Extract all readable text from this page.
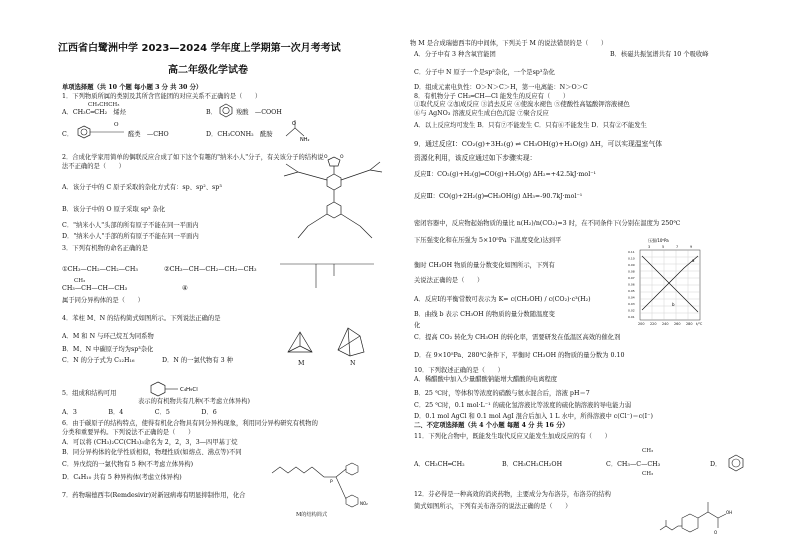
江西省白鹭洲中学 2023—2024 学年度上学期第一次月考考试
高二年级化学试卷
单项选择题（共 10 个题 每小题 3 分 共 30 分）
1．下列物质所属的类别及其所含官能团的对应关系不正确的是（　　）
CH₃CHCH₃
A．CH₃C═CH₂　烯烃	B．	羧酸　—COOH
O
C．	醛类　—CHO	D．CH₃CONH₂　酰胺
O
NH₂
2．合成化学家用简单的偶联反应合成了如下这个有趣的"纳米小人"分子，有关该分子的结构说
法不正确的是（　　）
A．该分子中的 C 原子采取的杂化方式有：sp、sp²、sp³
B．该分子中的 O 原子采取 sp³ 杂化
C．"纳米小人"头部的所有原子不能在同一平面内
D．"纳米小人"手部的所有原子不能在同一平面内
O	O
3．下列有机物的命名正确的是
①CH₃—CH₂—CH₂—CH₃	②CH₃—CH—CH₂—CH₂—CH₃
CH₃
CH₃—CH—CH—CH₃	④
属于同分异构体的是（　　）
4．苯柱 M、N 的结构简式如图所示。下列说法正确的是
M	N
A．M 和 N 与环己烷互为同系物
B．M、N 中碳原子均为sp³杂化
C．N 的分子式为 C₁₂H₁₆	D．N 的一氯代物有 3 种
5．组成和结构可用	C₄H₉Cl
表示的有机物共有几种(不考虑立体异构)
A．3　　　　　B．4　　　　　C．5　　　　　D．6
6．由于碳原子的结构特点，使得有机化合物具有同分异构现象，利用同分异构研究有机物的
分类和重要异构。下列说法不正确的是（　　）
A．可以将 (CH₃)₂CC(CH₃)₃命名为 2，2，3，3—四甲基丁烷
B．同分异构体的化学性质相似，物理性质(如熔点、沸点等)不同
C．异戊烷的一氯代物有 5 种(不考虑立体异构)
D．C₄H₁₀ 共有 5 种异构体(考虑立体异构)
7．药物瑞德西韦(Remdesivir)对新冠病毒有明显抑制作用，化合
P
NO₂
M的结构简式
物 M 是合成瑞德西韦的中间体，下列关于 M 的说法错误的是（　　）
A．分子中有 3 种含氧官能团	B．核磁共振氢谱共有 10 个吸收峰
C．分子中 N 原子一个是sp²杂化，一个是sp³杂化
D．组成元素电负性：O＞N＞C＞H，第一电离能：N＞O＞C
8．有机物分子 CH₂═CH—Cl 能发生的反应有（　　）
①取代反应 ②加成反应 ③消去反应 ④使溴水褪色 ⑤使酸性高锰酸钾溶液褪色
⑥与 AgNO₃ 溶液反应生成白色沉淀 ⑦聚合反应
A．以上反应均可发生 B．只有⑦不能发生 C．只有⑥不能发生 D．只有②不能发生
9．通过反应Ⅰ：CO₂(g)+3H₂(g) ⇌ CH₃OH(g)+H₂O(g) ΔH，可以实现温室气体
资源化利用，该反应通过如下步骤实现：
反应Ⅱ：CO₂(g)+H₂(g)═CO(g)+H₂O(g) ΔH₂=+42.5kJ·mol⁻¹
反应Ⅲ：CO(g)+2H₂(g)═CH₃OH(g) ΔH₃=-90.7kJ·mol⁻¹
密闭容器中，反应物起始物质的量比 n(H₂)/n(CO₂)=3 时，在不同条件下(分别在温度为 250℃
下压强变化和在压强为 5×10⁵Pa 下温度变化)达到平
衡时 CH₃OH 物质的量分数变化如图所示，下列有
关说法正确的是（　　）
A．反应Ⅰ的平衡常数可表示为 K= c(CH₃OH) / c(CO₂)·c³(H₂)
B．曲线 b 表示 CH₃OH 的物质的量分数随温度变
化
C．提高 CO₂ 转化为 CH₃OH 的转化率，需要研发在低温区高效的催化剂
D．在 9×10⁵Pa、280℃条件下，平衡时 CH₃OH 的物质的量分数为 0.10
压强/10⁵Pa
3	5	7	9
0.11
0.10
0.09
0.08
0.07
0.06
0.05
0.04
0.03
0.02
0.01
a
b
200 220 240 260 280 t/℃
10．下列叙述正确的是（　　）
A．稀醋酸中加入少量醋酸钠能增大醋酸的电离程度
B．25 ℃时，等体积等浓度的硝酸与氨水混合后，溶液 pH＝7
C．25 ℃时，0.1 mol·L⁻¹ 的硫化氢溶液比等浓度的硫化钠溶液的导电能力弱
D．0.1 mol AgCl 和 0.1 mol AgI 混合后加入 1 L 水中，所得溶液中 c(Cl⁻)＝c(I⁻)
二、不定项选择题（共 4 个小题 每题 4 分 共 16 分）
11．下列化合物中，既能发生取代反应又能发生加成反应的有（　　）
CH₃
A．CH₃CH═CH₂	B．CH₃CH₂CH₂OH	C．CH₃—C—CH₃
CH₃
D．
12．芬必得是一种高效的消炎药物，主要成分为布洛芬，布洛芬的结构
简式如图所示，下列有关布洛芬的说法正确的是（　　）
O
OH
